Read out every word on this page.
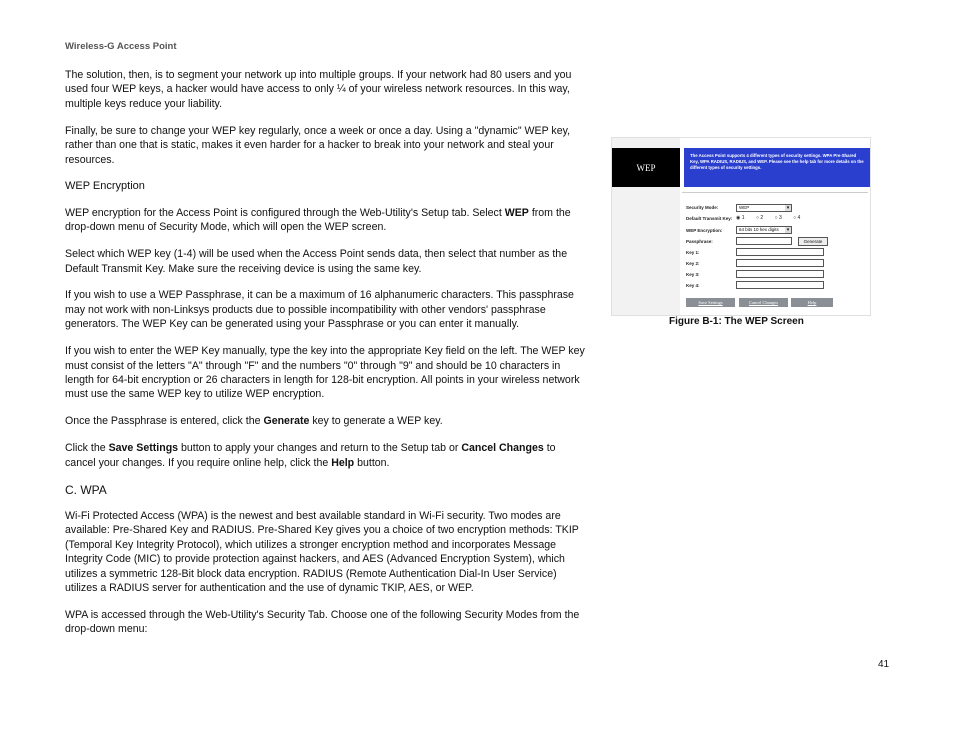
Wireless-G Access Point

The solution, then, is to segment your network up into multiple groups. If your network had 80 users and you used four WEP keys, a hacker would have access to only ¼ of your wireless network resources. In this way, multiple keys reduce your liability.

Finally, be sure to change your WEP key regularly, once a week or once a day. Using a "dynamic" WEP key, rather than one that is static, makes it even harder for a hacker to break into your network and steal your resources.

WEP Encryption

WEP encryption for the Access Point is configured through the Web-Utility's Setup tab. Select WEP from the drop-down menu of Security Mode, which will open the WEP screen.

Select which WEP key (1-4) will be used when the Access Point sends data, then select that number as the Default Transmit Key. Make sure the receiving device is using the same key.

If you wish to use a WEP Passphrase, it can be a maximum of 16 alphanumeric characters. This passphrase may not work with non-Linksys products due to possible incompatibility with other vendors' passphrase generators. The WEP Key can be generated using your Passphrase or you can enter it manually.

If you wish to enter the WEP Key manually, type the key into the appropriate Key field on the left. The WEP key must consist of the letters "A" through "F" and the numbers "0" through "9" and should be 10 characters in length for 64-bit encryption or 26 characters in length for 128-bit encryption. All points in your wireless network must use the same WEP key to utilize WEP encryption.

Once the Passphrase is entered, click the Generate key to generate a WEP key.

Click the Save Settings button to apply your changes and return to the Setup tab or Cancel Changes to cancel your changes. If you require online help, click the Help button.

C. WPA

Wi-Fi Protected Access (WPA) is the newest and best available standard in Wi-Fi security. Two modes are available: Pre-Shared Key and RADIUS. Pre-Shared Key gives you a choice of two encryption methods: TKIP (Temporal Key Integrity Protocol), which utilizes a stronger encryption method and incorporates Message Integrity Code (MIC) to provide protection against hackers, and AES (Advanced Encryption System), which utilizes a symmetric 128-Bit block data encryption. RADIUS (Remote Authentication Dial-In User Service) utilizes a RADIUS server for authentication and the use of dynamic TKIP, AES, or WEP.

WPA is accessed through the Web-Utility's Security Tab. Choose one of the following Security Modes from the drop-down menu:

WEP
The Access Point supports 4 different types of security settings. WPA Pre-Shared Key, WPA RADIUS, RADIUS, and WEP. Please see the help tab for more details on the different types of security settings.
Security Mode:	WEP ▾
Default Transmit Key: ◉ 1 ○ 2 ○ 3 ○ 4
WEP Encryption:	64 bits 10 hex digits ▾
Passphrase:	Generate
Key 1:
Key 2:
Key 3:
Key 4:
Save Settings	Cancel Changes	Help
Figure B-1: The WEP Screen
41
